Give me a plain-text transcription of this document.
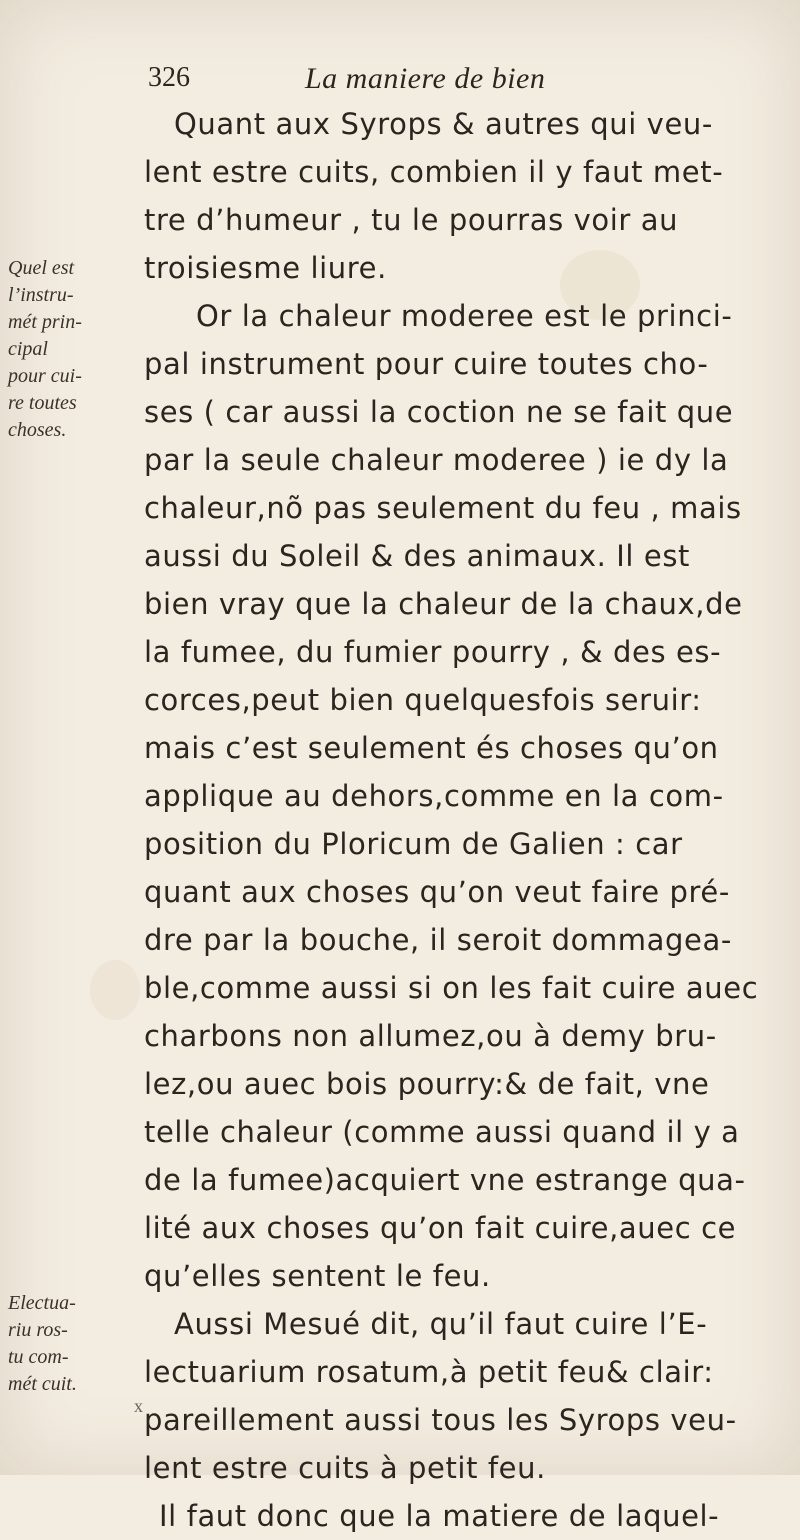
326	La maniere de bien
Quant aux Syrops & autres qui veu-
lent estre cuits, combien il y faut met-
tre d’humeur , tu le pourras voir au
troisiesme liure.
Or la chaleur moderee est le princi-
pal instrument pour cuire toutes cho-
ses ( car aussi la coction ne se fait que
par la seule chaleur moderee ) ie dy la
chaleur,nõ pas seulement du feu , mais
aussi du Soleil & des animaux. Il est
bien vray que la chaleur de la chaux,de
la fumee, du fumier pourry , & des es-
corces,peut bien quelquesfois seruir:
mais c’est seulement és choses qu’on
applique au dehors,comme en la com-
position du Ploricum de Galien : car
quant aux choses qu’on veut faire pré-
dre par la bouche, il seroit dommagea-
ble,comme aussi si on les fait cuire auec
charbons non allumez,ou à demy bru-
lez,ou auec bois pourry:& de fait, vne
telle chaleur (comme aussi quand il y a
de la fumee)acquiert vne estrange qua-
lité aux choses qu’on fait cuire,auec ce
qu’elles sentent le feu.
Aussi Mesué dit, qu’il faut cuire l’E-
lectuarium rosatum,à petit feu& clair:
pareillement aussi tous les Syrops veu-
lent estre cuits à petit feu.
Il faut donc que la matiere de laquel-
Quel est
l’instru-
mét prin-
cipal
pour cui-
re toutes
choses.
Electua-
riu ros-
tu com-
mét cuit.
x
